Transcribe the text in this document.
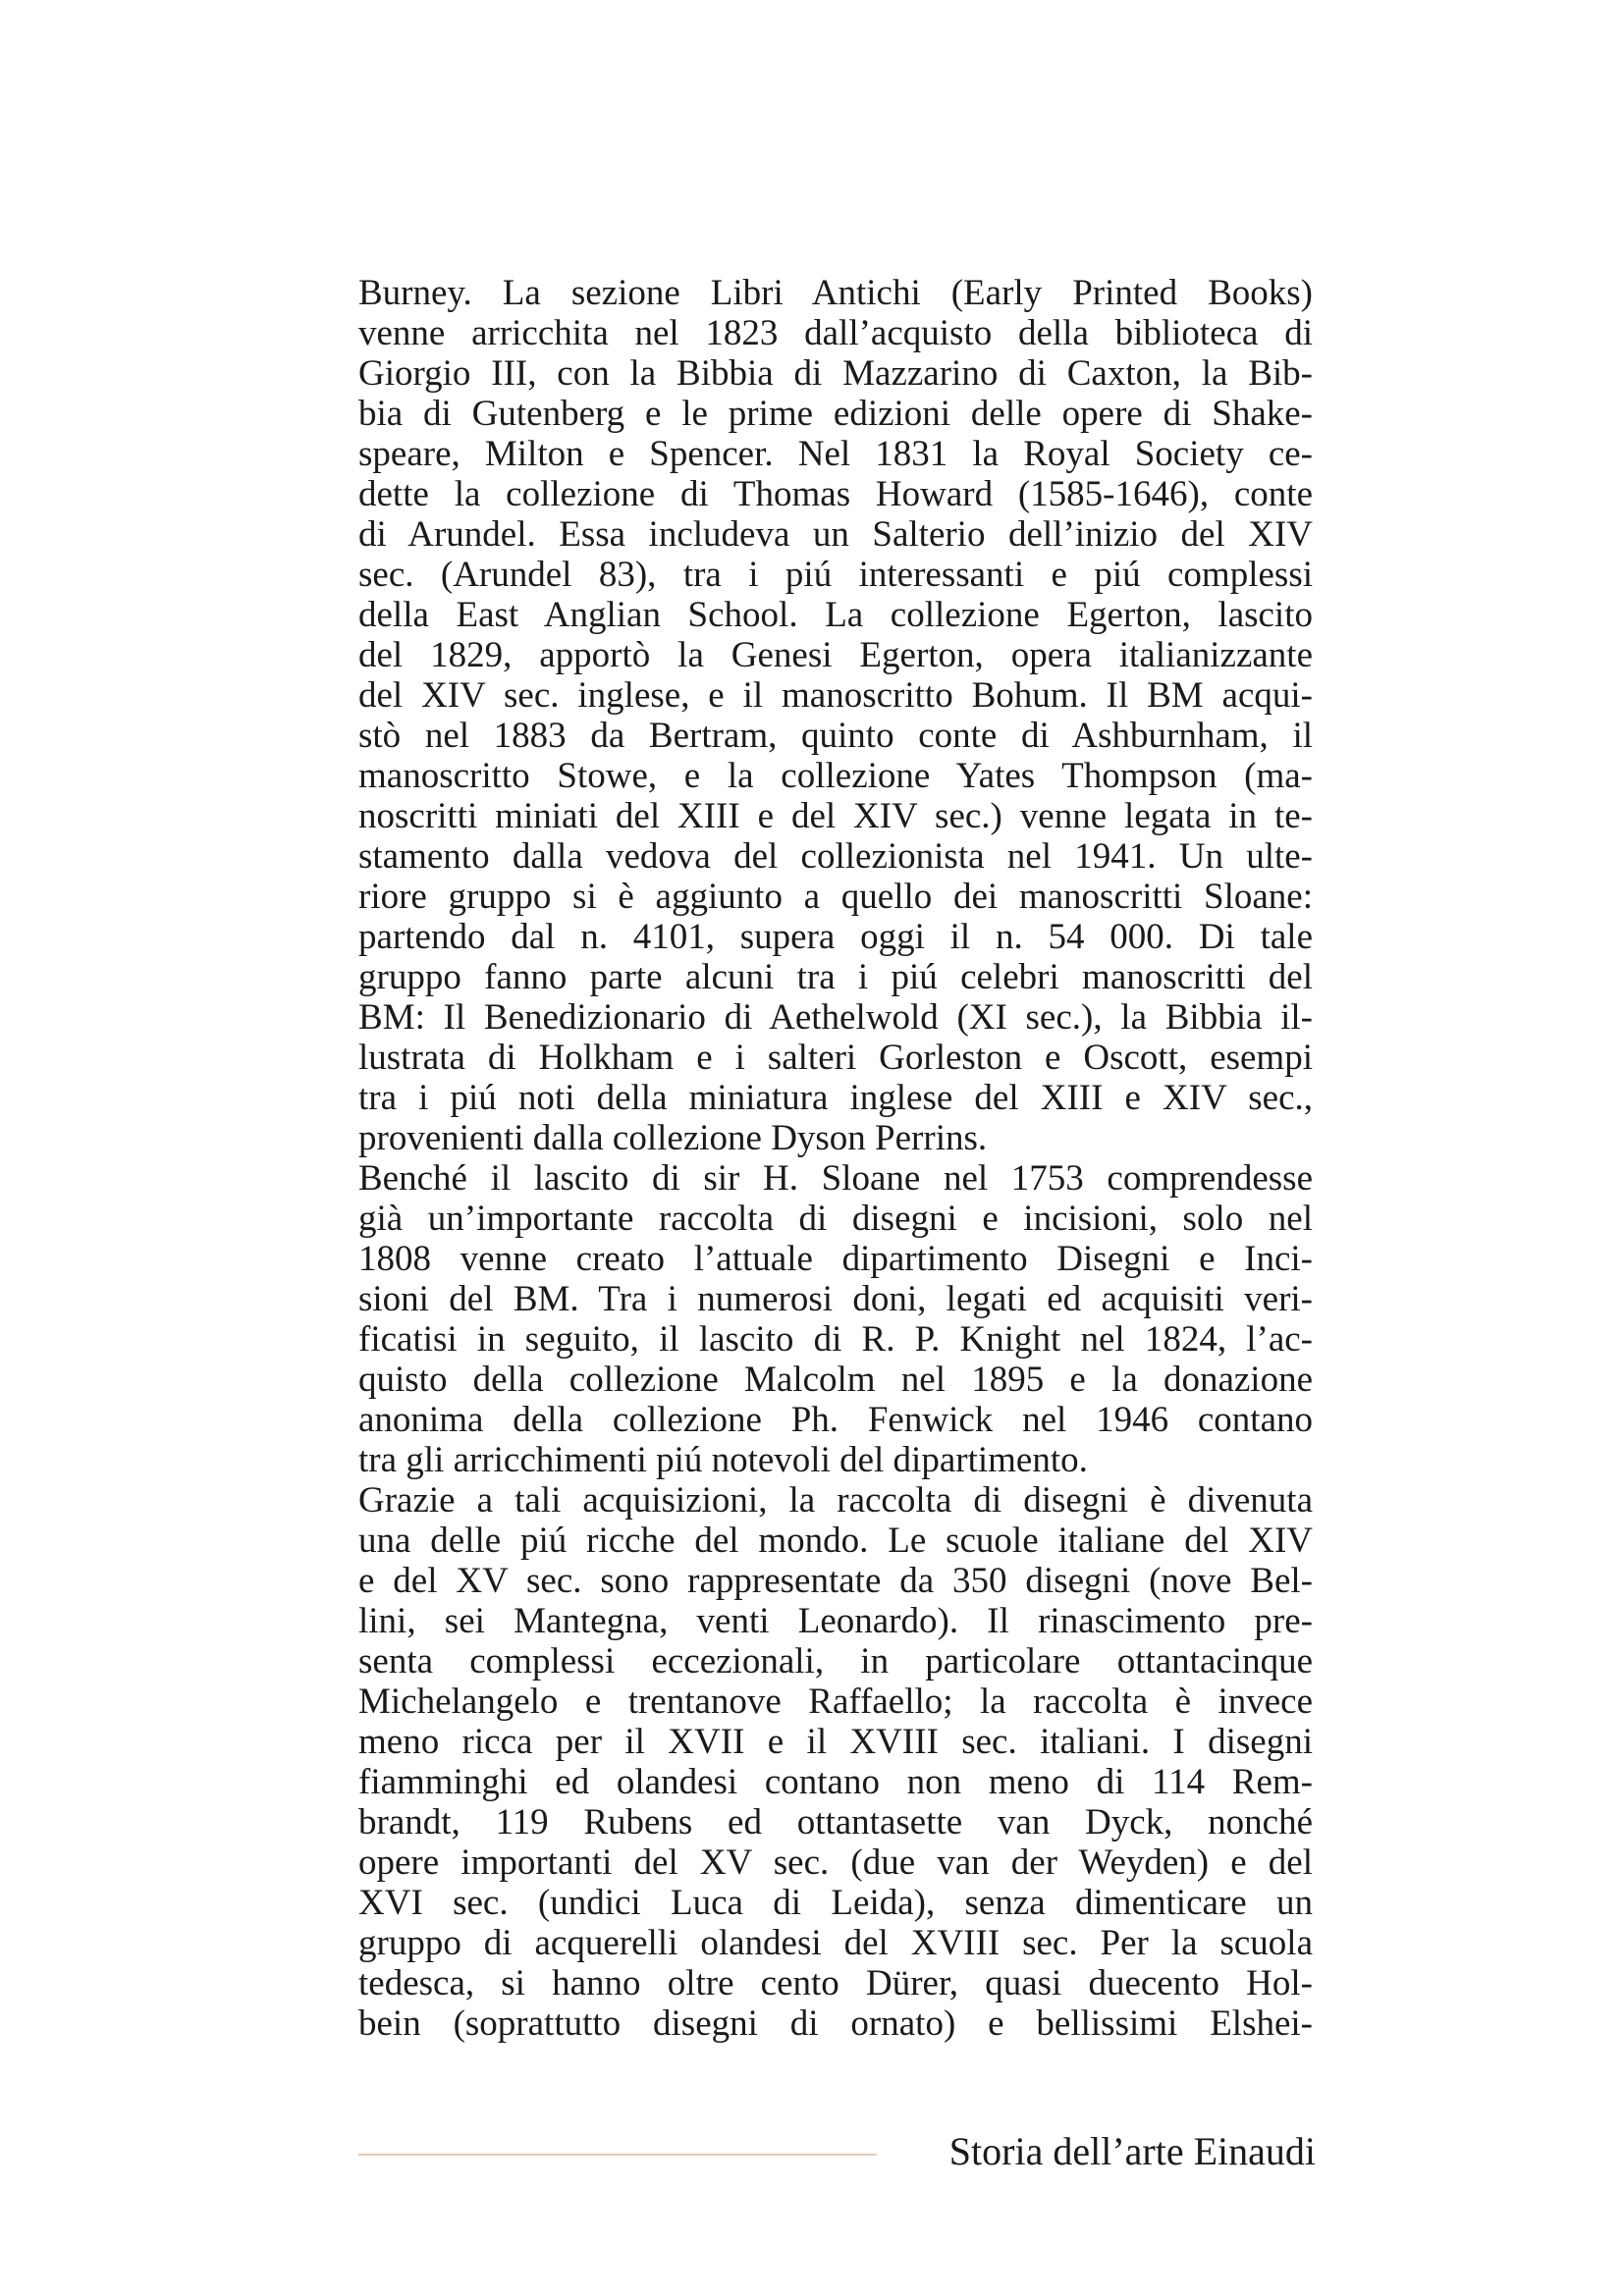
Burney. La sezione Libri Antichi (Early Printed Books)
venne arricchita nel 1823 dall’acquisto della biblioteca di
Giorgio III, con la Bibbia di Mazzarino di Caxton, la Bib-
bia di Gutenberg e le prime edizioni delle opere di Shake-
speare, Milton e Spencer. Nel 1831 la Royal Society ce-
dette la collezione di Thomas Howard (1585-1646), conte
di Arundel. Essa includeva un Salterio dell’inizio del XIV
sec. (Arundel 83), tra i piú interessanti e piú complessi
della East Anglian School. La collezione Egerton, lascito
del 1829, apportò la Genesi Egerton, opera italianizzante
del XIV sec. inglese, e il manoscritto Bohum. Il BM acqui-
stò nel 1883 da Bertram, quinto conte di Ashburnham, il
manoscritto Stowe, e la collezione Yates Thompson (ma-
noscritti miniati del XIII e del XIV sec.) venne legata in te-
stamento dalla vedova del collezionista nel 1941. Un ulte-
riore gruppo si è aggiunto a quello dei manoscritti Sloane:
partendo dal n. 4101, supera oggi il n. 54 000. Di tale
gruppo fanno parte alcuni tra i piú celebri manoscritti del
BM: Il Benedizionario di Aethelwold (XI sec.), la Bibbia il-
lustrata di Holkham e i salteri Gorleston e Oscott, esempi
tra i piú noti della miniatura inglese del XIII e XIV sec.,
provenienti dalla collezione Dyson Perrins.
Benché il lascito di sir H. Sloane nel 1753 comprendesse
già un’importante raccolta di disegni e incisioni, solo nel
1808 venne creato l’attuale dipartimento Disegni e Inci-
sioni del BM. Tra i numerosi doni, legati ed acquisiti veri-
ficatisi in seguito, il lascito di R. P. Knight nel 1824, l’ac-
quisto della collezione Malcolm nel 1895 e la donazione
anonima della collezione Ph. Fenwick nel 1946 contano
tra gli arricchimenti piú notevoli del dipartimento.
Grazie a tali acquisizioni, la raccolta di disegni è divenuta
una delle piú ricche del mondo. Le scuole italiane del XIV
e del XV sec. sono rappresentate da 350 disegni (nove Bel-
lini, sei Mantegna, venti Leonardo). Il rinascimento pre-
senta complessi eccezionali, in particolare ottantacinque
Michelangelo e trentanove Raffaello; la raccolta è invece
meno ricca per il XVII e il XVIII sec. italiani. I disegni
fiamminghi ed olandesi contano non meno di 114 Rem-
brandt, 119 Rubens ed ottantasette van Dyck, nonché
opere importanti del XV sec. (due van der Weyden) e del
XVI sec. (undici Luca di Leida), senza dimenticare un
gruppo di acquerelli olandesi del XVIII sec. Per la scuola
tedesca, si hanno oltre cento Dürer, quasi duecento Hol-
bein (soprattutto disegni di ornato) e bellissimi Elshei-
Storia dell’arte Einaudi
